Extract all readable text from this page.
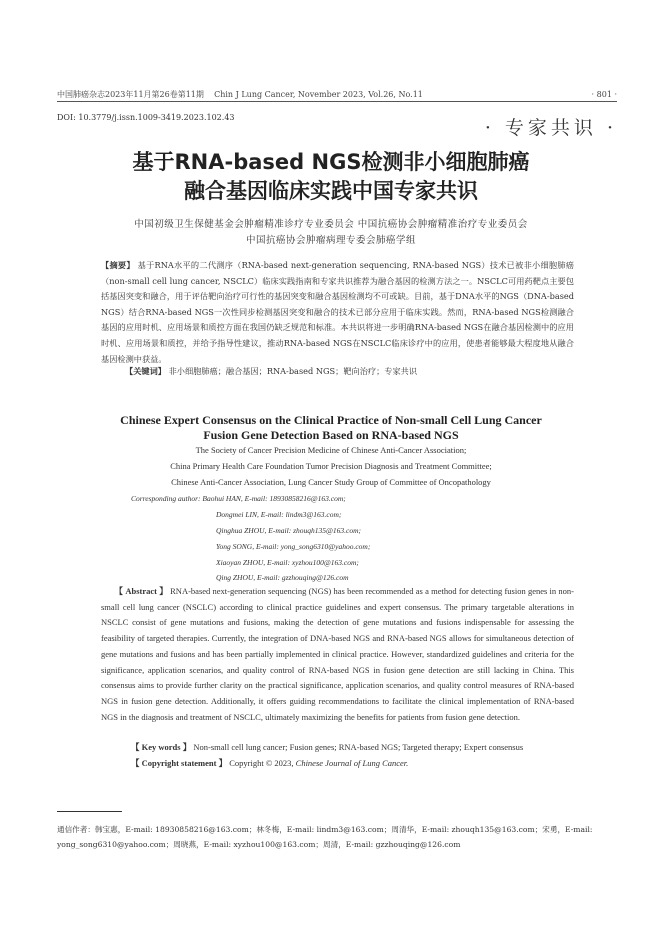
中国肺癌杂志2023年11月第26卷第11期 Chin J Lung Cancer, November 2023, Vol.26, No.11	· 801 ·
DOI: 10.3779/j.issn.1009-3419.2023.102.43	· 专家共识 ·
基于RNA-based NGS检测非小细胞肺癌
融合基因临床实践中国专家共识
中国初级卫生保健基金会肿瘤精准诊疗专业委员会 中国抗癌协会肿瘤精准治疗专业委员会
中国抗癌协会肿瘤病理专委会肺癌学组
【摘要】 基于RNA水平的二代测序（RNA-based next-generation sequencing, RNA-based NGS）技术已被非小细胞肺癌（non-small cell lung cancer, NSCLC）临床实践指南和专家共识推荐为融合基因的检测方法之一。NSCLC可用药靶点主要包括基因突变和融合，用于评估靶向治疗可行性的基因突变和融合基因检测均不可或缺。目前，基于DNA水平的NGS（DNA-based NGS）结合RNA-based NGS一次性同步检测基因突变和融合的技术已部分应用于临床实践。然而，RNA-based NGS检测融合基因的应用时机、应用场景和质控方面在我国仍缺乏规范和标准。本共识将进一步明确RNA-based NGS在融合基因检测中的应用时机、应用场景和质控，并给予指导性建议，推动RNA-based NGS在NSCLC临床诊疗中的应用，使患者能够最大程度地从融合基因检测中获益。
【关键词】 非小细胞肺癌；融合基因；RNA-based NGS；靶向治疗；专家共识
Chinese Expert Consensus on the Clinical Practice of Non-small Cell Lung Cancer
Fusion Gene Detection Based on RNA-based NGS
The Society of Cancer Precision Medicine of Chinese Anti-Cancer Association;
China Primary Health Care Foundation Tumor Precision Diagnosis and Treatment Committee;
Chinese Anti-Cancer Association, Lung Cancer Study Group of Committee of Oncopathology
Corresponding author: Baohui HAN, E-mail: 18930858216@163.com;
Dongmei LIN, E-mail: lindm3@163.com;
Qinghua ZHOU, E-mail: zhouqh135@163.com;
Yong SONG, E-mail: yong_song6310@yahoo.com;
Xiaoyan ZHOU, E-mail: xyzhou100@163.com;
Qing ZHOU, E-mail: gzzhouqing@126.com
【 Abstract 】 RNA-based next-generation sequencing (NGS) has been recommended as a method for detecting fusion genes in non-small cell lung cancer (NSCLC) according to clinical practice guidelines and expert consensus. The primary targetable alterations in NSCLC consist of gene mutations and fusions, making the detection of gene mutations and fusions indispensable for assessing the feasibility of targeted therapies. Currently, the integration of DNA-based NGS and RNA-based NGS allows for simultaneous detection of gene mutations and fusions and has been partially implemented in clinical practice. However, standardized guidelines and criteria for the significance, application scenarios, and quality control of RNA-based NGS in fusion gene detection are still lacking in China. This consensus aims to provide further clarity on the practical significance, application scenarios, and quality control measures of RNA-based NGS in fusion gene detection. Additionally, it offers guiding recommendations to facilitate the clinical implementation of RNA-based NGS in the diagnosis and treatment of NSCLC, ultimately maximizing the benefits for patients from fusion gene detection.
【 Key words 】 Non-small cell lung cancer; Fusion genes; RNA-based NGS; Targeted therapy; Expert consensus
【 Copyright statement 】 Copyright © 2023, Chinese Journal of Lung Cancer.
通信作者：韩宝惠，E-mail: 18930858216@163.com；林冬梅，E-mail: lindm3@163.com；周清华，E-mail: zhouqh135@163.com；宋勇，E-mail: yong_song6310@yahoo.com；周晓燕，E-mail: xyzhou100@163.com；周清，E-mail: gzzhouqing@126.com
